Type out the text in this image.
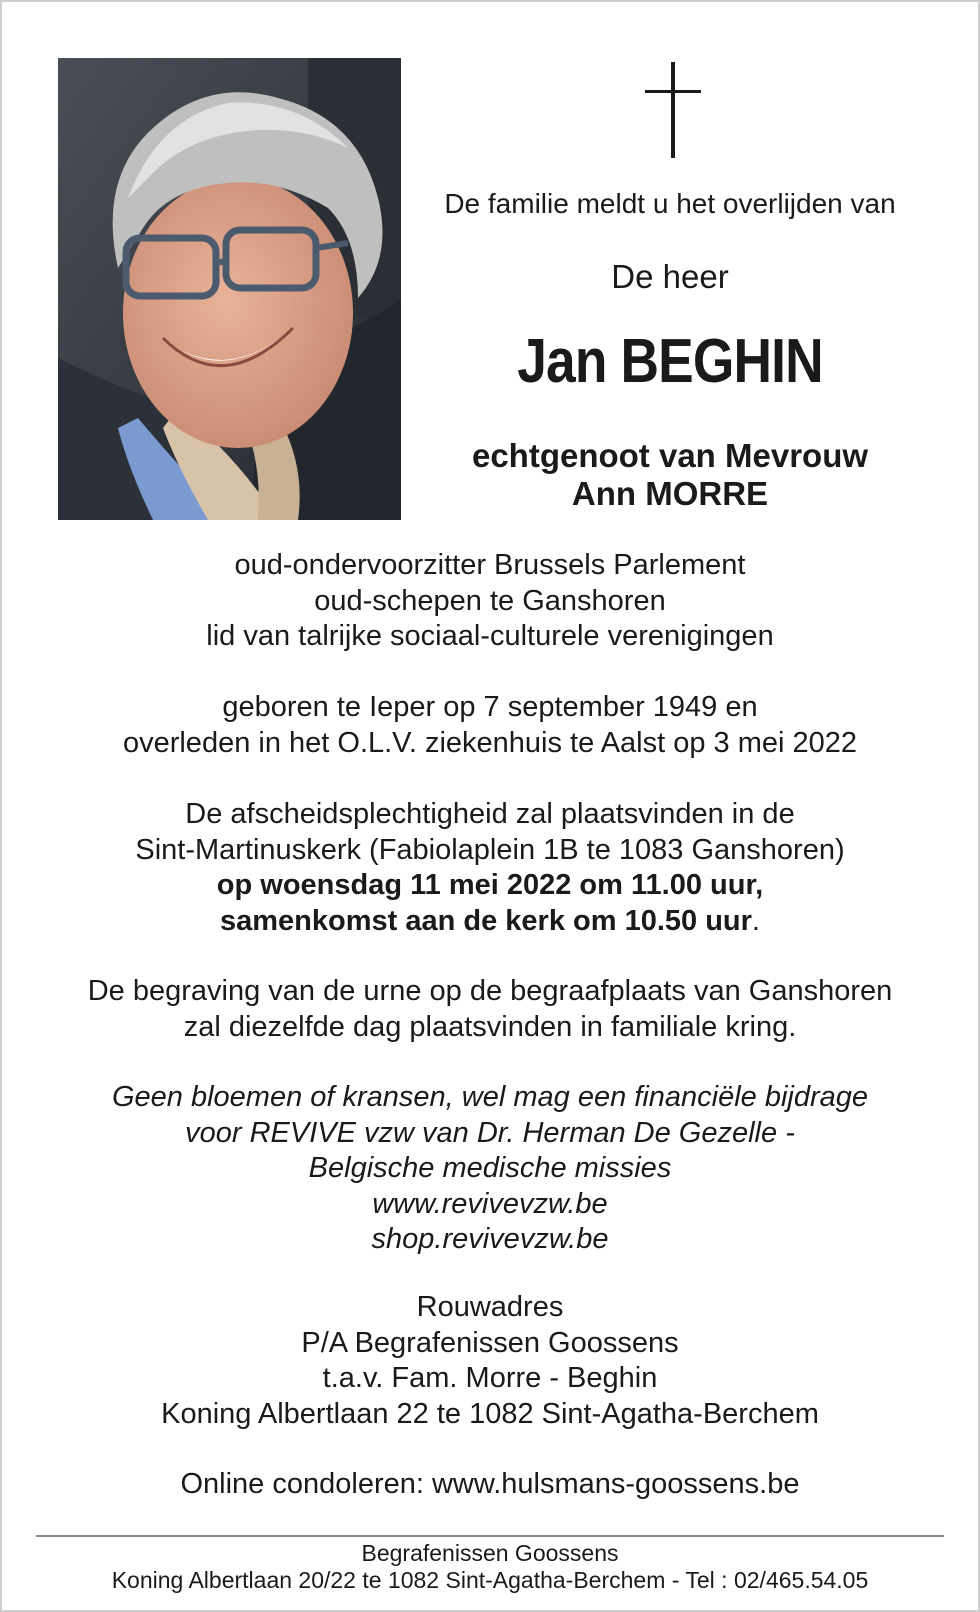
De familie meldt u het overlijden van
De heer
Jan BEGHIN
echtgenoot van Mevrouw
Ann MORRE
oud-ondervoorzitter Brussels Parlement
oud-schepen te Ganshoren
lid van talrijke sociaal-culturele verenigingen
geboren te Ieper op 7 september 1949 en
overleden in het O.L.V. ziekenhuis te Aalst op 3 mei 2022
De afscheidsplechtigheid zal plaatsvinden in de
Sint-Martinuskerk (Fabiolaplein 1B te 1083 Ganshoren)
op woensdag 11 mei 2022 om 11.00 uur,
samenkomst aan de kerk om 10.50 uur.
De begraving van de urne op de begraafplaats van Ganshoren
zal diezelfde dag plaatsvinden in familiale kring.
Geen bloemen of kransen, wel mag een financiële bijdrage
voor REVIVE vzw van Dr. Herman De Gezelle -
Belgische medische missies
www.revivevzw.be
shop.revivevzw.be
Rouwadres
P/A Begrafenissen Goossens
t.a.v. Fam. Morre - Beghin
Koning Albertlaan 22 te 1082 Sint-Agatha-Berchem
Online condoleren: www.hulsmans-goossens.be
Begrafenissen Goossens
Koning Albertlaan 20/22 te 1082 Sint-Agatha-Berchem - Tel : 02/465.54.05
